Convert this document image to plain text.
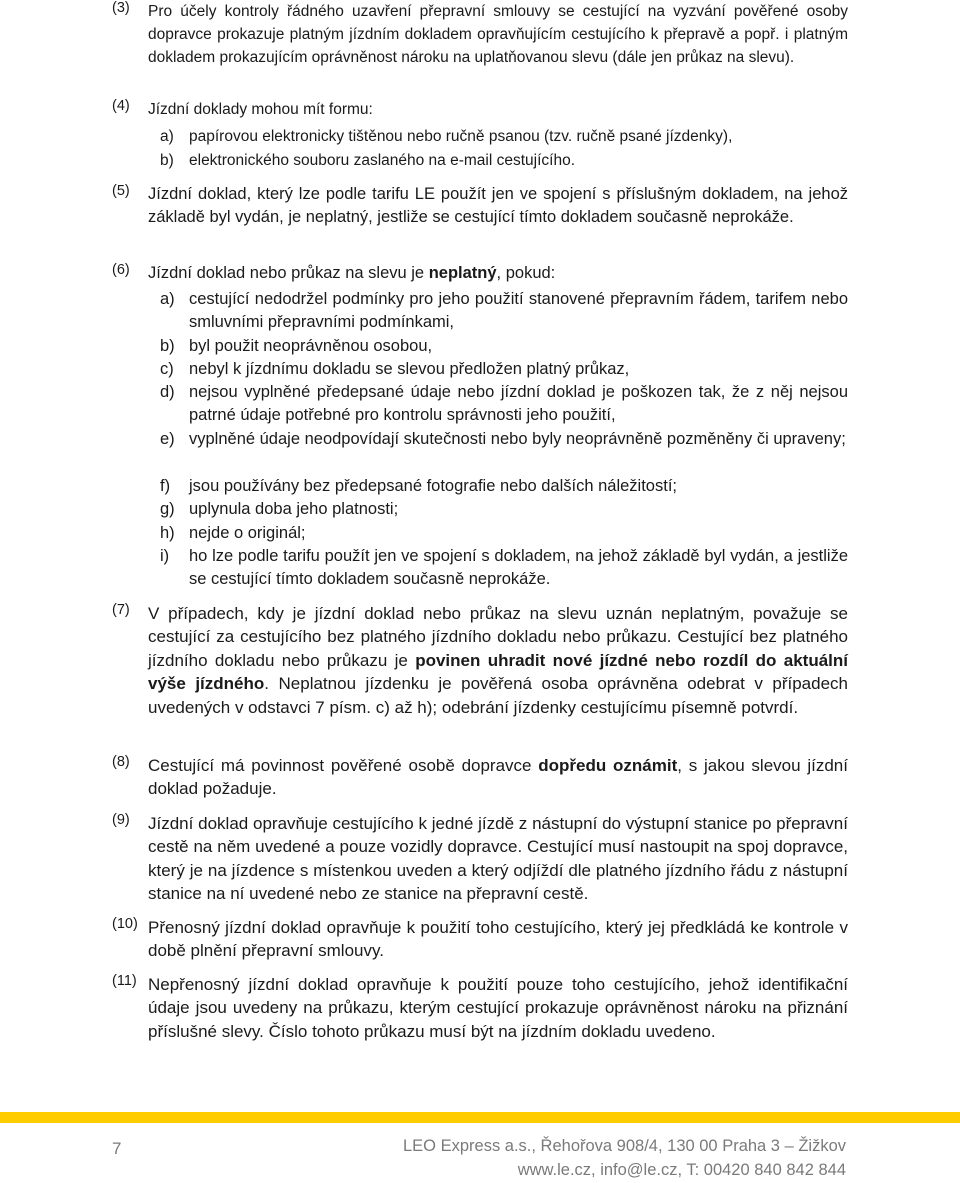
(3) Pro účely kontroly řádného uzavření přepravní smlouvy se cestující na vyzvání pověřené osoby dopravce prokazuje platným jízdním dokladem opravňujícím cestujícího k přepravě a popř. i platným dokladem prokazujícím oprávněnost nároku na uplatňovanou slevu (dále jen průkaz na slevu).
(4) Jízdní doklady mohou mít formu:
a) papírovou elektronicky tištěnou nebo ručně psanou (tzv. ručně psané jízdenky),
b) elektronického souboru zaslaného na e-mail cestujícího.
(5) Jízdní doklad, který lze podle tarifu LE použít jen ve spojení s příslušným dokladem, na jehož základě byl vydán, je neplatný, jestliže se cestující tímto dokladem současně neprokáže.
(6) Jízdní doklad nebo průkaz na slevu je neplatný, pokud:
a) cestující nedodržel podmínky pro jeho použití stanovené přepravním řádem, tarifem nebo smluvními přepravními podmínkami,
b) byl použit neoprávněnou osobou,
c) nebyl k jízdnímu dokladu se slevou předložen platný průkaz,
d) nejsou vyplněné předepsané údaje nebo jízdní doklad je poškozen tak, že z něj nejsou patrné údaje potřebné pro kontrolu správnosti jeho použití,
e) vyplněné údaje neodpovídají skutečnosti nebo byly neoprávněně pozměněny či upraveny;
f) jsou používány bez předepsané fotografie nebo dalších náležitostí;
g) uplynula doba jeho platnosti;
h) nejde o originál;
i) ho lze podle tarifu použít jen ve spojení s dokladem, na jehož základě byl vydán, a jestliže se cestující tímto dokladem současně neprokáže.
(7) V případech, kdy je jízdní doklad nebo průkaz na slevu uznán neplatným, považuje se cestující za cestujícího bez platného jízdního dokladu nebo průkazu. Cestující bez platného jízdního dokladu nebo průkazu je povinen uhradit nové jízdné nebo rozdíl do aktuální výše jízdného. Neplatnou jízdenku je pověřená osoba oprávněna odebrat v případech uvedených v odstavci 7 písm. c) až h); odebrání jízdenky cestujícímu písemně potvrdí.
(8) Cestující má povinnost pověřené osobě dopravce dopředu oznámit, s jakou slevou jízdní doklad požaduje.
(9) Jízdní doklad opravňuje cestujícího k jedné jízdě z nástupní do výstupní stanice po přepravní cestě na něm uvedené a pouze vozidly dopravce. Cestující musí nastoupit na spoj dopravce, který je na jízdence s místenkou uveden a který odjíždí dle platného jízdního řádu z nástupní stanice na ní uvedené nebo ze stanice na přepravní cestě.
(10) Přenosný jízdní doklad opravňuje k použití toho cestujícího, který jej předkládá ke kontrole v době plnění přepravní smlouvy.
(11) Nepřenosný jízdní doklad opravňuje k použití pouze toho cestujícího, jehož identifikační údaje jsou uvedeny na průkazu, kterým cestující prokazuje oprávněnost nároku na přiznání příslušné slevy. Číslo tohoto průkazu musí být na jízdním dokladu uvedeno.
7	LEO Express a.s., Řehořova 908/4, 130 00 Praha 3 – Žižkov
www.le.cz, info@le.cz, T: 00420 840 842 844
